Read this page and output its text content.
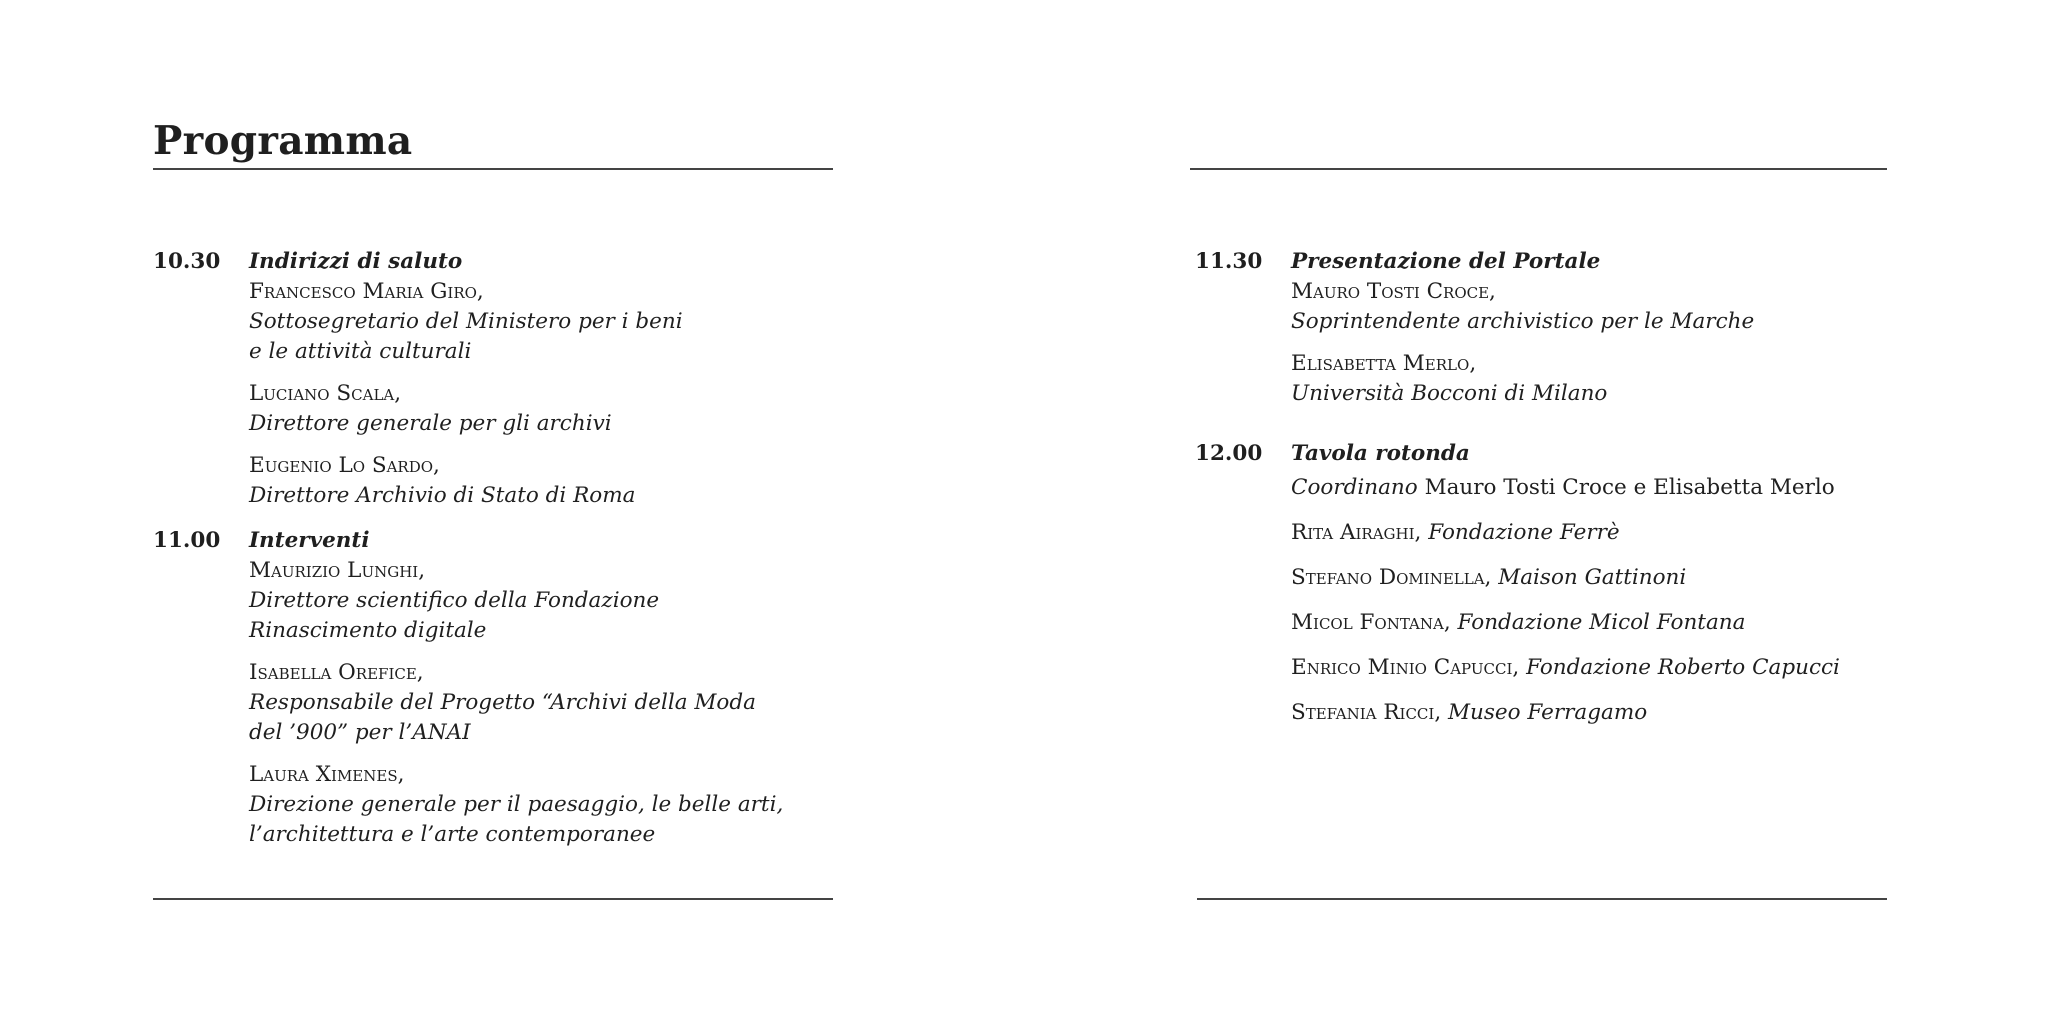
Programma
10.30	Indirizzi di saluto
Francesco Maria Giro,
Sottosegretario del Ministero per i beni
e le attività culturali
Luciano Scala,
Direttore generale per gli archivi
Eugenio Lo Sardo,
Direttore Archivio di Stato di Roma
11.00	Interventi
Maurizio Lunghi,
Direttore scientifico della Fondazione
Rinascimento digitale
Isabella Orefice,
Responsabile del Progetto “Archivi della Moda
del ’900” per l’ANAI
Laura Ximenes,
Direzione generale per il paesaggio, le belle arti,
l’architettura e l’arte contemporanee
11.30	Presentazione del Portale
Mauro Tosti Croce,
Soprintendente archivistico per le Marche
Elisabetta Merlo,
Università Bocconi di Milano
12.00	Tavola rotonda
Coordinano Mauro Tosti Croce e Elisabetta Merlo
Rita Airaghi, Fondazione Ferrè
Stefano Dominella, Maison Gattinoni
Micol Fontana, Fondazione Micol Fontana
Enrico Minio Capucci, Fondazione Roberto Capucci
Stefania Ricci, Museo Ferragamo
